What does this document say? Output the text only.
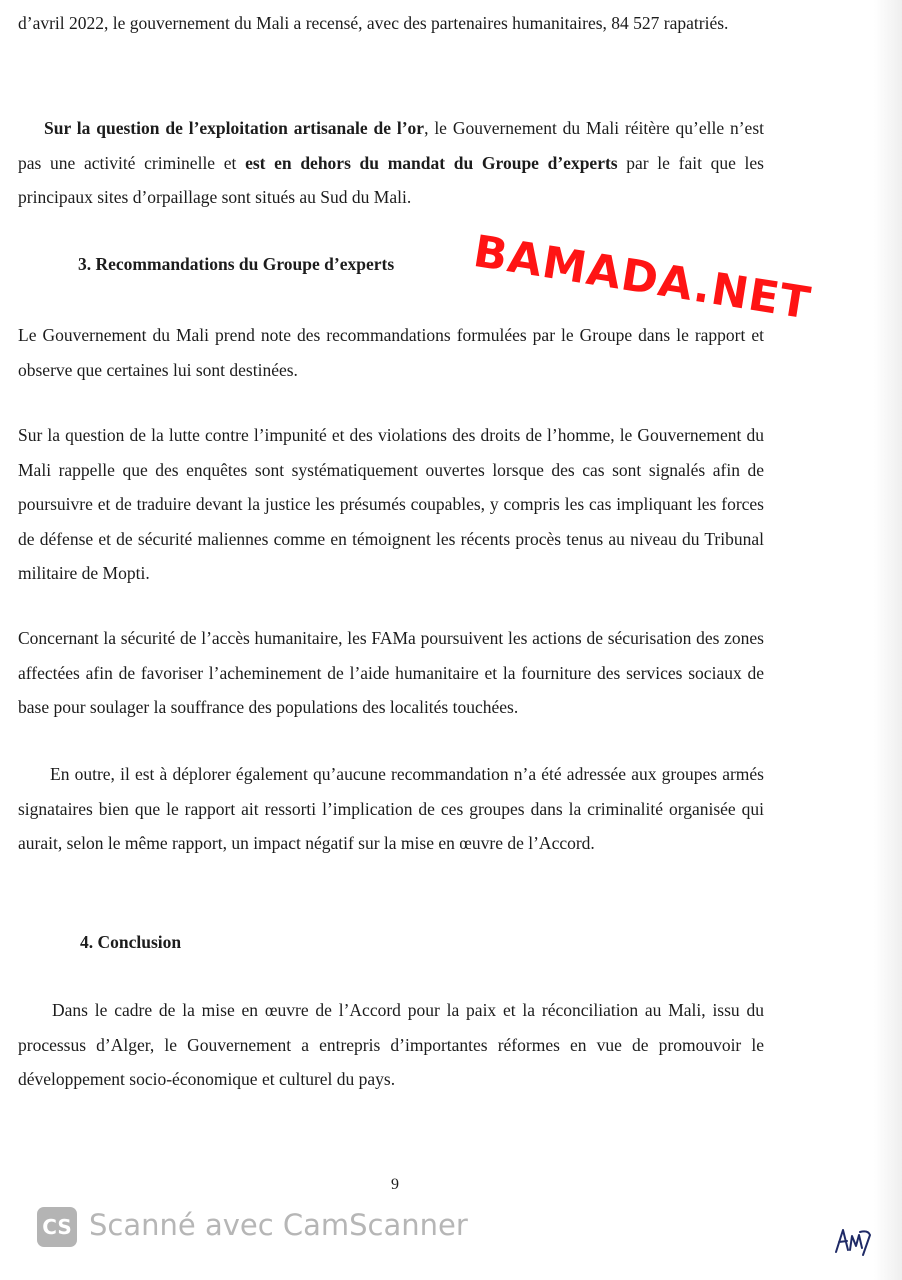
d’avril 2022, le gouvernement du Mali a recensé, avec des partenaires humanitaires, 84 527 rapatriés.

Sur la question de l’exploitation artisanale de l’or, le Gouvernement du Mali réitère qu’elle n’est pas une activité criminelle et est en dehors du mandat du Groupe d’experts par le fait que les principaux sites d’orpaillage sont situés au Sud du Mali.

3. Recommandations du Groupe d’experts

Le Gouvernement du Mali prend note des recommandations formulées par le Groupe dans le rapport et observe que certaines lui sont destinées.

Sur la question de la lutte contre l’impunité et des violations des droits de l’homme, le Gouvernement du Mali rappelle que des enquêtes sont systématiquement ouvertes lorsque des cas sont signalés afin de poursuivre et de traduire devant la justice les présumés coupables, y compris les cas impliquant les forces de défense et de sécurité maliennes comme en témoignent les récents procès tenus au niveau du Tribunal militaire de Mopti.

Concernant la sécurité de l’accès humanitaire, les FAMa poursuivent les actions de sécurisation des zones affectées afin de favoriser l’acheminement de l’aide humanitaire et la fourniture des services sociaux de base pour soulager la souffrance des populations des localités touchées.

En outre, il est à déplorer également qu’aucune recommandation n’a été adressée aux groupes armés signataires bien que le rapport ait ressorti l’implication de ces groupes dans la criminalité organisée qui aurait, selon le même rapport, un impact négatif sur la mise en œuvre de l’Accord.

4. Conclusion

Dans le cadre de la mise en œuvre de l’Accord pour la paix et la réconciliation au Mali, issu du processus d’Alger, le Gouvernement a entrepris d’importantes réformes en vue de promouvoir le développement socio-économique et culturel du pays.

BAMADA.NET
9
CS Scanné avec CamScanner
